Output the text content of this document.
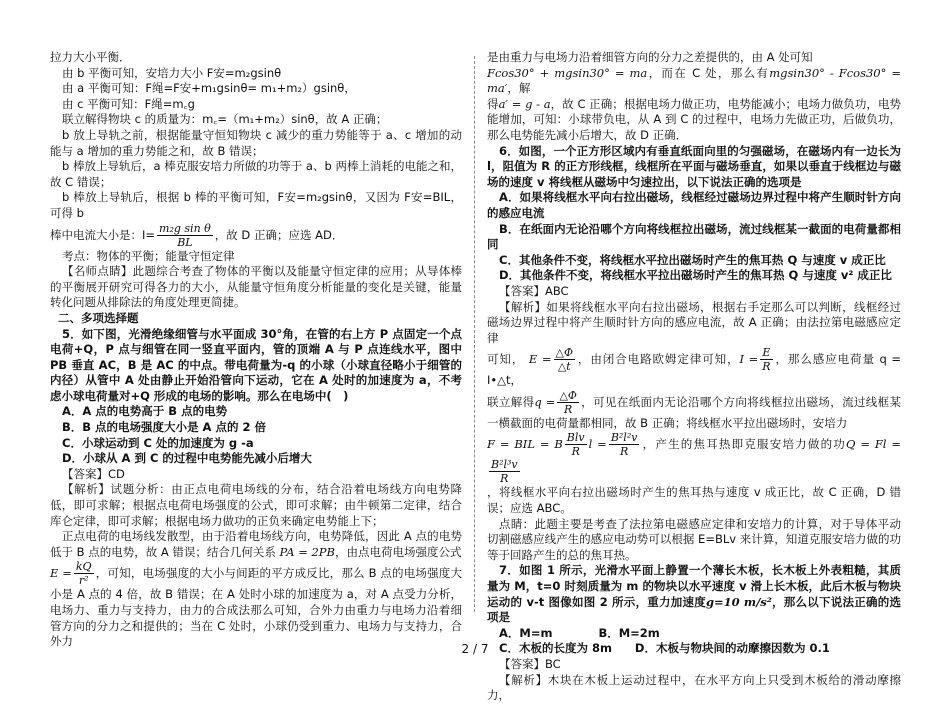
拉力大小平衡．

由 b 平衡可知，安培力大小 F安=m₂gsinθ

由 a 平衡可知：F绳=F安+m₁gsinθ= m₁+m₂）gsinθ，

由 c 平衡可知：F绳=m꜀g

联立解得物块 c 的质量为：m꜀=（m₁+m₂）sinθ，故 A 正确；

b 放上导轨之前，根据能量守恒知物块 c 减少的重力势能等于 a、c 增加的动能与 a 增加的重力势能之和，故 B 错误；

b 棒放上导轨后，a 棒克服安培力所做的功等于 a、b 两棒上消耗的电能之和，故 C 错误；

b 棒放上导轨后，根据 b 棒的平衡可知，F安=m₂gsinθ，又因为 F安=BIL，可得 b

棒中电流大小是：$I= \frac{\text{m₂g sin θ}}{BL}$ ，故 D 正确；应选 AD．

考点：物体的平衡；能量守恒定律

【名师点睛】此题综合考查了物体的平衡以及能量守恒定律的应用；从导体棒的平衡展开研究可得各力的大小，从能量守恒角度分析能量的变化是关键，能量转化问题从排除法的角度处理更简捷。

二、多项选择题

5．如下图，光滑绝缘细管与水平面成 30°角，在管的右上方 P 点固定一个点电荷+Q，P 点与细管在同一竖直平面内，管的顶端 A 与 P 点连线水平，图中 PB 垂直 AC，B 是 AC 的中点。带电荷量为-q 的小球（小球直径略小于细管的内径）从管中 A 处由静止开始沿管向下运动，它在 A 处时的加速度为 a，不考虑小球电荷量对+Q 形成的电场的影响。那么在电场中(　)

A．A 点的电势高于 B 点的电势

B．B 点的电场强度大小是 A 点的 2 倍

C．小球运动到 C 处的加速度为 g -a

D．小球从 A 到 C 的过程中电势能先减小后增大

【答案】CD

【解析】试题分析：由正点电荷电场线的分布，结合沿着电场线方向电势降低，即可求解；根据点电荷电场强度的公式，即可求解；由牛顿第二定律，结合库仑定律，即可求解；根据电场力做功的正负来确定电势能上下；

正点电荷的电场线发散型，由于沿着电场线方向，电势降低，因此 A 点的电势低于 B 点的电势，故 A 错误；结合几何关系 PA = 2PB，由点电荷电场强度公式

$E = \frac{kQ}{\text{r²}}$ ，可知，电场强度的大小与间距的平方成反比，那么 B 点的电场强度大小是 A 点的 4 倍，故 B 错误；在 A 处时小球的加速度为 a，对 A 点受力分析，电场力、重力与支持力，由力的合成法那么可知，合外力由重力与电场力沿着细管方向的分力之和提供的；当在 C 处时，小球仍受到重力、电场力与支持力，合外力

是由重力与电场力沿着细管方向的分力之差提供的，由 A 处可知

Fcos30° + mgsin30° = ma，而在 C 处，那么有mgsin30° - Fcos30° = ma′，解

得a′ = g - a，故 C 正确；根据电场力做正功，电势能减小；电场力做负功，电势能增加，可知：小球带负电，从 A 到 C 的过程中，电场力先做正功，后做负功，那么电势能先减小后增大，故 D 正确．

6．如图，一个正方形区域内有垂直纸面向里的匀强磁场，在磁场内有一边长为 l，阻值为 R 的正方形线框，线框所在平面与磁场垂直，如果以垂直于线框边与磁场的速度 v 将线框从磁场中匀速拉出，以下说法正确的选项是

A．如果将线框水平向右拉出磁场，线框经过磁场边界过程中将产生顺时针方向的感应电流

B．在纸面内无论沿哪个方向将线框拉出磁场，流过线框某一截面的电荷量都相同

C．其他条件不变，将线框水平拉出磁场时产生的焦耳热 Q 与速度 v 成正比

D．其他条件不变，将线框水平拉出磁场时产生的焦耳热 Q 与速度 v² 成正比

【答案】ABC

【解析】如果将线框水平向右拉出磁场，根据右手定那么可以判断，线框经过磁场边界过程中将产生顺时针方向的感应电流，故 A 正确；由法拉第电磁感应定律

可知， $E = \frac{\triangle\Phi}{\triangle t}$ ，由闭合电路欧姆定律可知，$I = \frac{E}{R}$ ，那么感应电荷量 q = I•△t，

联立解得$q = \frac{\triangle\Phi}{R}$ ，可见在纸面内无论沿哪个方向将线框拉出磁场，流过线框某一横截面的电荷量都相同，故 B 正确；将线框水平拉出磁场时，安培力

F = BIL = B $\frac{\text{Blv}}{R}$ $l = \frac{\text{B²l²v}}{R}$ ，产生的焦耳热即克服安培力做的功Q = Fl =
$\frac{\text{B²l³v}}{R}$

，将线框水平向右拉出磁场时产生的焦耳热与速度 v 成正比，故 C 正确，D 错误；应选 ABC。

点睛：此题主要是考查了法拉第电磁感应定律和安培力的计算，对于导体平动切割磁感应线产生的感应电动势可以根据 E=BLv 来计算，知道克服安培力做的功等于回路产生的总的焦耳热。

7．如图 1 所示，光滑水平面上静置一个薄长木板，长木板上外表粗糙，其质量为 M，t=0 时刻质量为 m 的物块以水平速度 v 滑上长木板，此后木板与物块运动的 v-t 图像如图 2 所示，重力加速度g=10 m/s²，那么以下说法正确的选项是

A．M=m　　　　B．M=2m

C．木板的长度为 8m　　D．木板与物块间的动摩擦因数为 0.1

【答案】BC

【解析】木块在木板上运动过程中，在水平方向上只受到木板给的滑动摩擦力，

2 / 7
